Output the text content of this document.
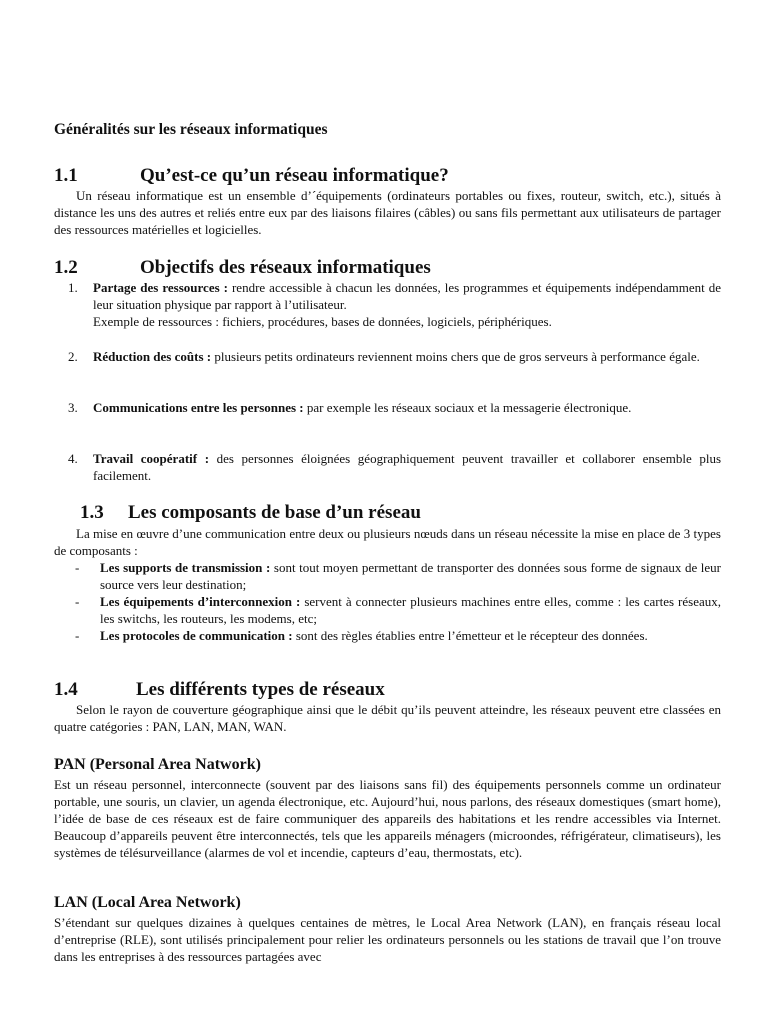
Généralités sur les réseaux informatiques
1.1	Qu’est-ce qu’un réseau informatique?
Un réseau informatique est un ensemble d’´équipements (ordinateurs portables ou fixes, routeur, switch, etc.), situés à distance les uns des autres et reliés entre eux par des liaisons filaires (câbles) ou sans fils permettant aux utilisateurs de partager des ressources matérielles et logicielles.
1.2	Objectifs des réseaux informatiques
1.	Partage des ressources : rendre accessible à chacun les données, les programmes et équipements indépendamment de leur situation physique par rapport à l’utilisateur.
Exemple de ressources : fichiers, procédures, bases de données, logiciels, périphériques.
2.	Réduction des coûts : plusieurs petits ordinateurs reviennent moins chers que de gros serveurs à performance égale.
3.	Communications entre les personnes : par exemple les réseaux sociaux et la messagerie électronique.
4.	Travail coopératif : des personnes éloignées géographiquement peuvent travailler et collaborer ensemble plus facilement.
1.3 Les composants de base d’un réseau
La mise en œuvre d’une communication entre deux ou plusieurs nœuds dans un réseau nécessite la mise en place de 3 types de composants :
- Les supports de transmission : sont tout moyen permettant de transporter des données sous forme de signaux de leur source vers leur destination;
- Les équipements d’interconnexion : servent à connecter plusieurs machines entre elles, comme : les cartes réseaux, les switchs, les routeurs, les modems, etc;
- Les protocoles de communication : sont des règles établies entre l’émetteur et le récepteur des données.
1.4	Les différents types de réseaux
Selon le rayon de couverture géographique ainsi que le débit qu’ils peuvent atteindre, les réseaux peuvent etre classées en quatre catégories : PAN, LAN, MAN, WAN.
PAN (Personal Area Natwork)
Est un réseau personnel, interconnecte (souvent par des liaisons sans fil) des équipements personnels comme un ordinateur portable, une souris, un clavier, un agenda électronique, etc. Aujourd’hui, nous parlons, des réseaux domestiques (smart home), l’idée de base de ces réseaux est de faire communiquer des appareils des habitations et les rendre accessibles via Internet. Beaucoup d’appareils peuvent être interconnectés, tels que les appareils ménagers (microondes, réfrigérateur, climatiseurs), les systèmes de télésurveillance (alarmes de vol et incendie, capteurs d’eau, thermostats, etc).
LAN (Local Area Network)
S’étendant sur quelques dizaines à quelques centaines de mètres, le Local Area Network (LAN), en français réseau local d’entreprise (RLE), sont utilisés principalement pour relier les ordinateurs personnels ou les stations de travail que l’on trouve dans les entreprises à des ressources partagées avec
